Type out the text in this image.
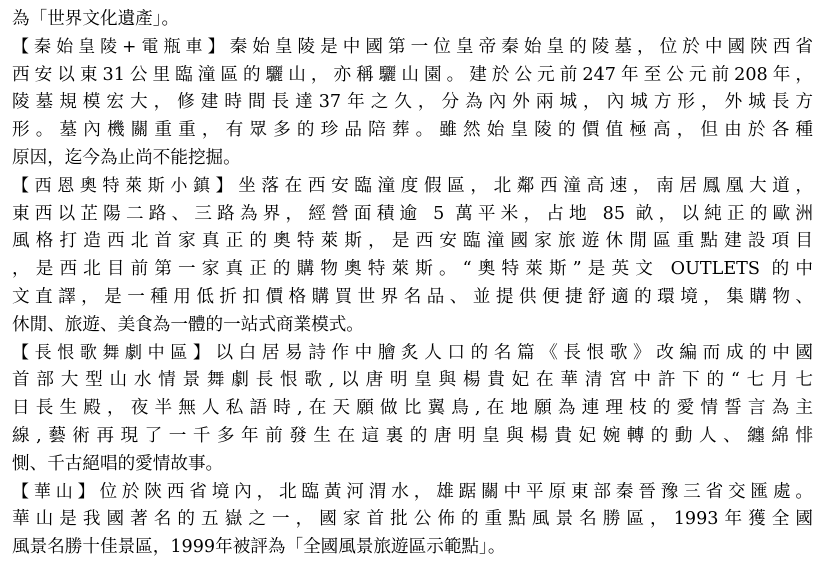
為「世界文化遺產」。
【秦始皇陵+電瓶車】秦始皇陵是中國第一位皇帝秦始皇的陵墓，位於中國陝西省
西安以東31公里臨潼區的驪山，亦稱驪山園。建於公元前247年至公元前208年，
陵墓規模宏大，修建時間長達37年之久，分為內外兩城，內城方形，外城長方
形。墓內機關重重，有眾多的珍品陪葬。雖然始皇陵的價值極高，但由於各種
原因，迄今為止尚不能挖掘。
【西恩奧特萊斯小鎮】坐落在西安臨潼度假區，北鄰西潼高速，南居鳳凰大道，
東西以芷陽二路、三路為界，經營面積逾 5 萬平米，占地 85 畝，以純正的歐洲
風格打造西北首家真正的奧特萊斯，是西安臨潼國家旅遊休閒區重點建設項目
，是西北目前第一家真正的購物奧特萊斯。“奧特萊斯”是英文 OUTLETS 的中
文直譯，是一種用低折扣價格購買世界名品、並提供便捷舒適的環境，集購物、
休閒、旅遊、美食為一體的一站式商業模式。
【長恨歌舞劇中區】以白居易詩作中膾炙人口的名篇《長恨歌》改編而成的中國
首部大型山水情景舞劇長恨歌,以唐明皇與楊貴妃在華清宮中許下的“七月七
日長生殿，夜半無人私語時,在天願做比翼鳥,在地願為連理枝的愛情誓言為主
線,藝術再現了一千多年前發生在這裏的唐明皇與楊貴妃婉轉的動人、纏綿悱
惻、千古絕唱的愛情故事。
【華山】位於陝西省境內，北臨黃河渭水，雄踞關中平原東部秦晉豫三省交匯處。
華山是我國著名的五嶽之一，國家首批公佈的重點風景名勝區，1993年獲全國
風景名勝十佳景區，1999年被評為「全國風景旅遊區示範點」。
